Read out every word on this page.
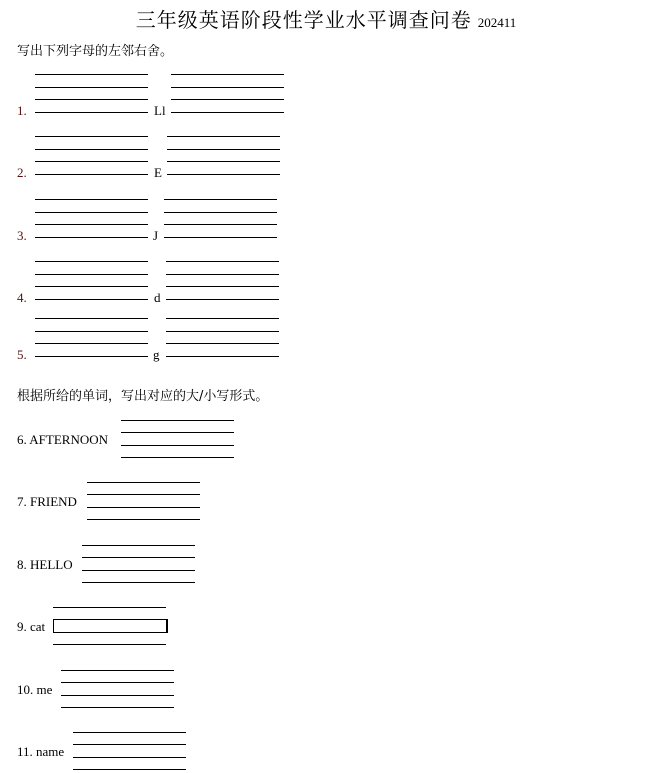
三年级英语阶段性学业水平调查问卷 202411
写出下列字母的左邻右舍。
根据所给的单词，写出对应的大/小写形式。
1.	Ll
2.	E
3.	J
4.	d
5.	g
6. AFTERNOON
7. FRIEND
8. HELLO
9. cat
10. me
11. name
